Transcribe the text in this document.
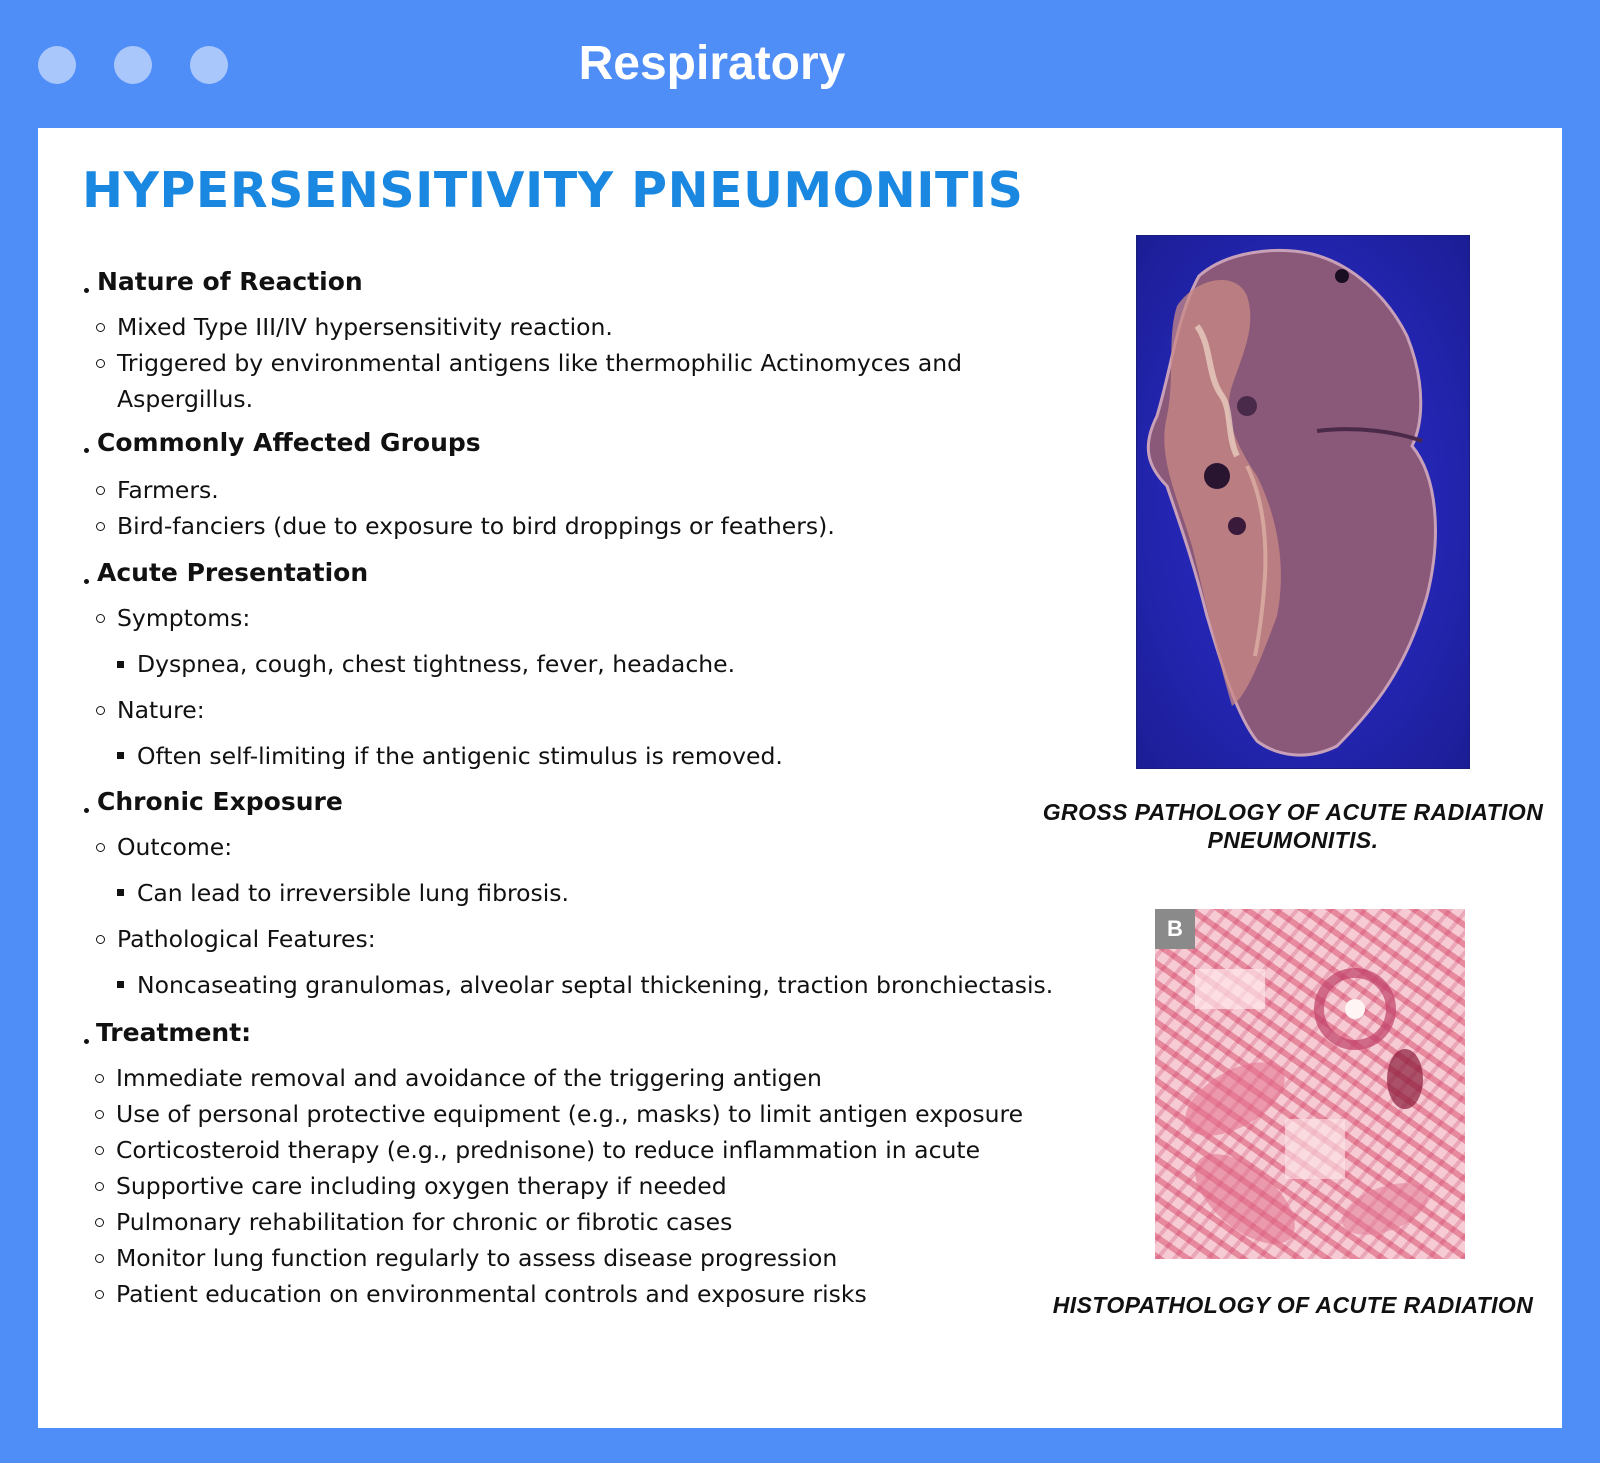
Respiratory
HYPERSENSITIVITY PNEUMONITIS
Nature of Reaction
Mixed Type III/IV hypersensitivity reaction.
Triggered by environmental antigens like thermophilic Actinomyces and
Aspergillus.
Commonly Affected Groups
Farmers.
Bird-fanciers (due to exposure to bird droppings or feathers).
Acute Presentation
Symptoms:
Dyspnea, cough, chest tightness, fever, headache.
Nature:
Often self-limiting if the antigenic stimulus is removed.
Chronic Exposure
Outcome:
Can lead to irreversible lung fibrosis.
Pathological Features:
Noncaseating granulomas, alveolar septal thickening, traction bronchiectasis.
Treatment:
Immediate removal and avoidance of the triggering antigen
Use of personal protective equipment (e.g., masks) to limit antigen exposure
Corticosteroid therapy (e.g., prednisone) to reduce inflammation in acute
Supportive care including oxygen therapy if needed
Pulmonary rehabilitation for chronic or fibrotic cases
Monitor lung function regularly to assess disease progression
Patient education on environmental controls and exposure risks
GROSS PATHOLOGY OF ACUTE RADIATION
PNEUMONITIS.
B
HISTOPATHOLOGY OF ACUTE RADIATION
